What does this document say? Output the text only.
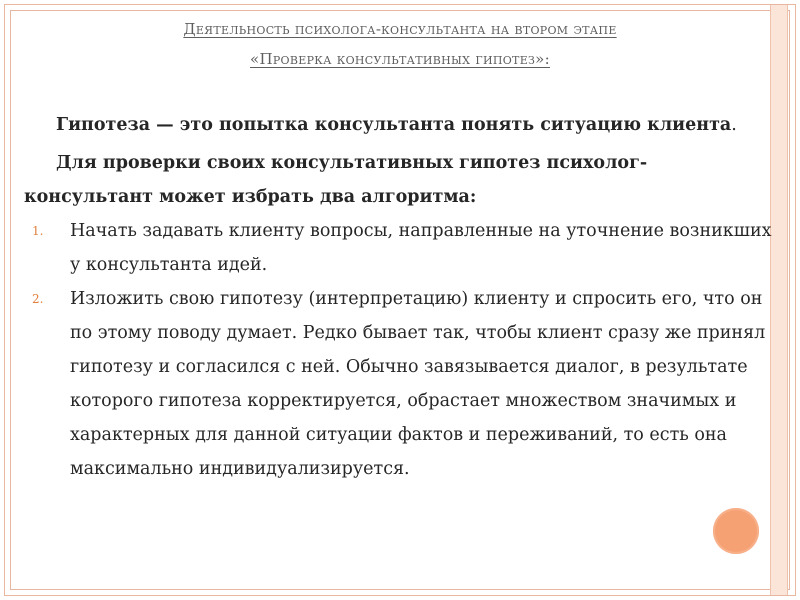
Деятельность психолога-консультанта на втором этапе
«Проверка консультативных гипотез»:

Гипотеза — это попытка консультанта понять ситуацию клиента.

Для проверки своих консультативных гипотез психолог-консультант может избрать два алгоритма:

1. Начать задавать клиенту вопросы, направленные на уточнение возникших у консультанта идей.
2. Изложить свою гипотезу (интерпретацию) клиенту и спросить его, что он по этому поводу думает. Редко бывает так, чтобы клиент сразу же принял гипотезу и согласился с ней. Обычно завязывается диалог, в результате которого гипотеза корректируется, обрастает множеством значимых и характерных для данной ситуации фактов и переживаний, то есть она максимально индивидуализируется.
